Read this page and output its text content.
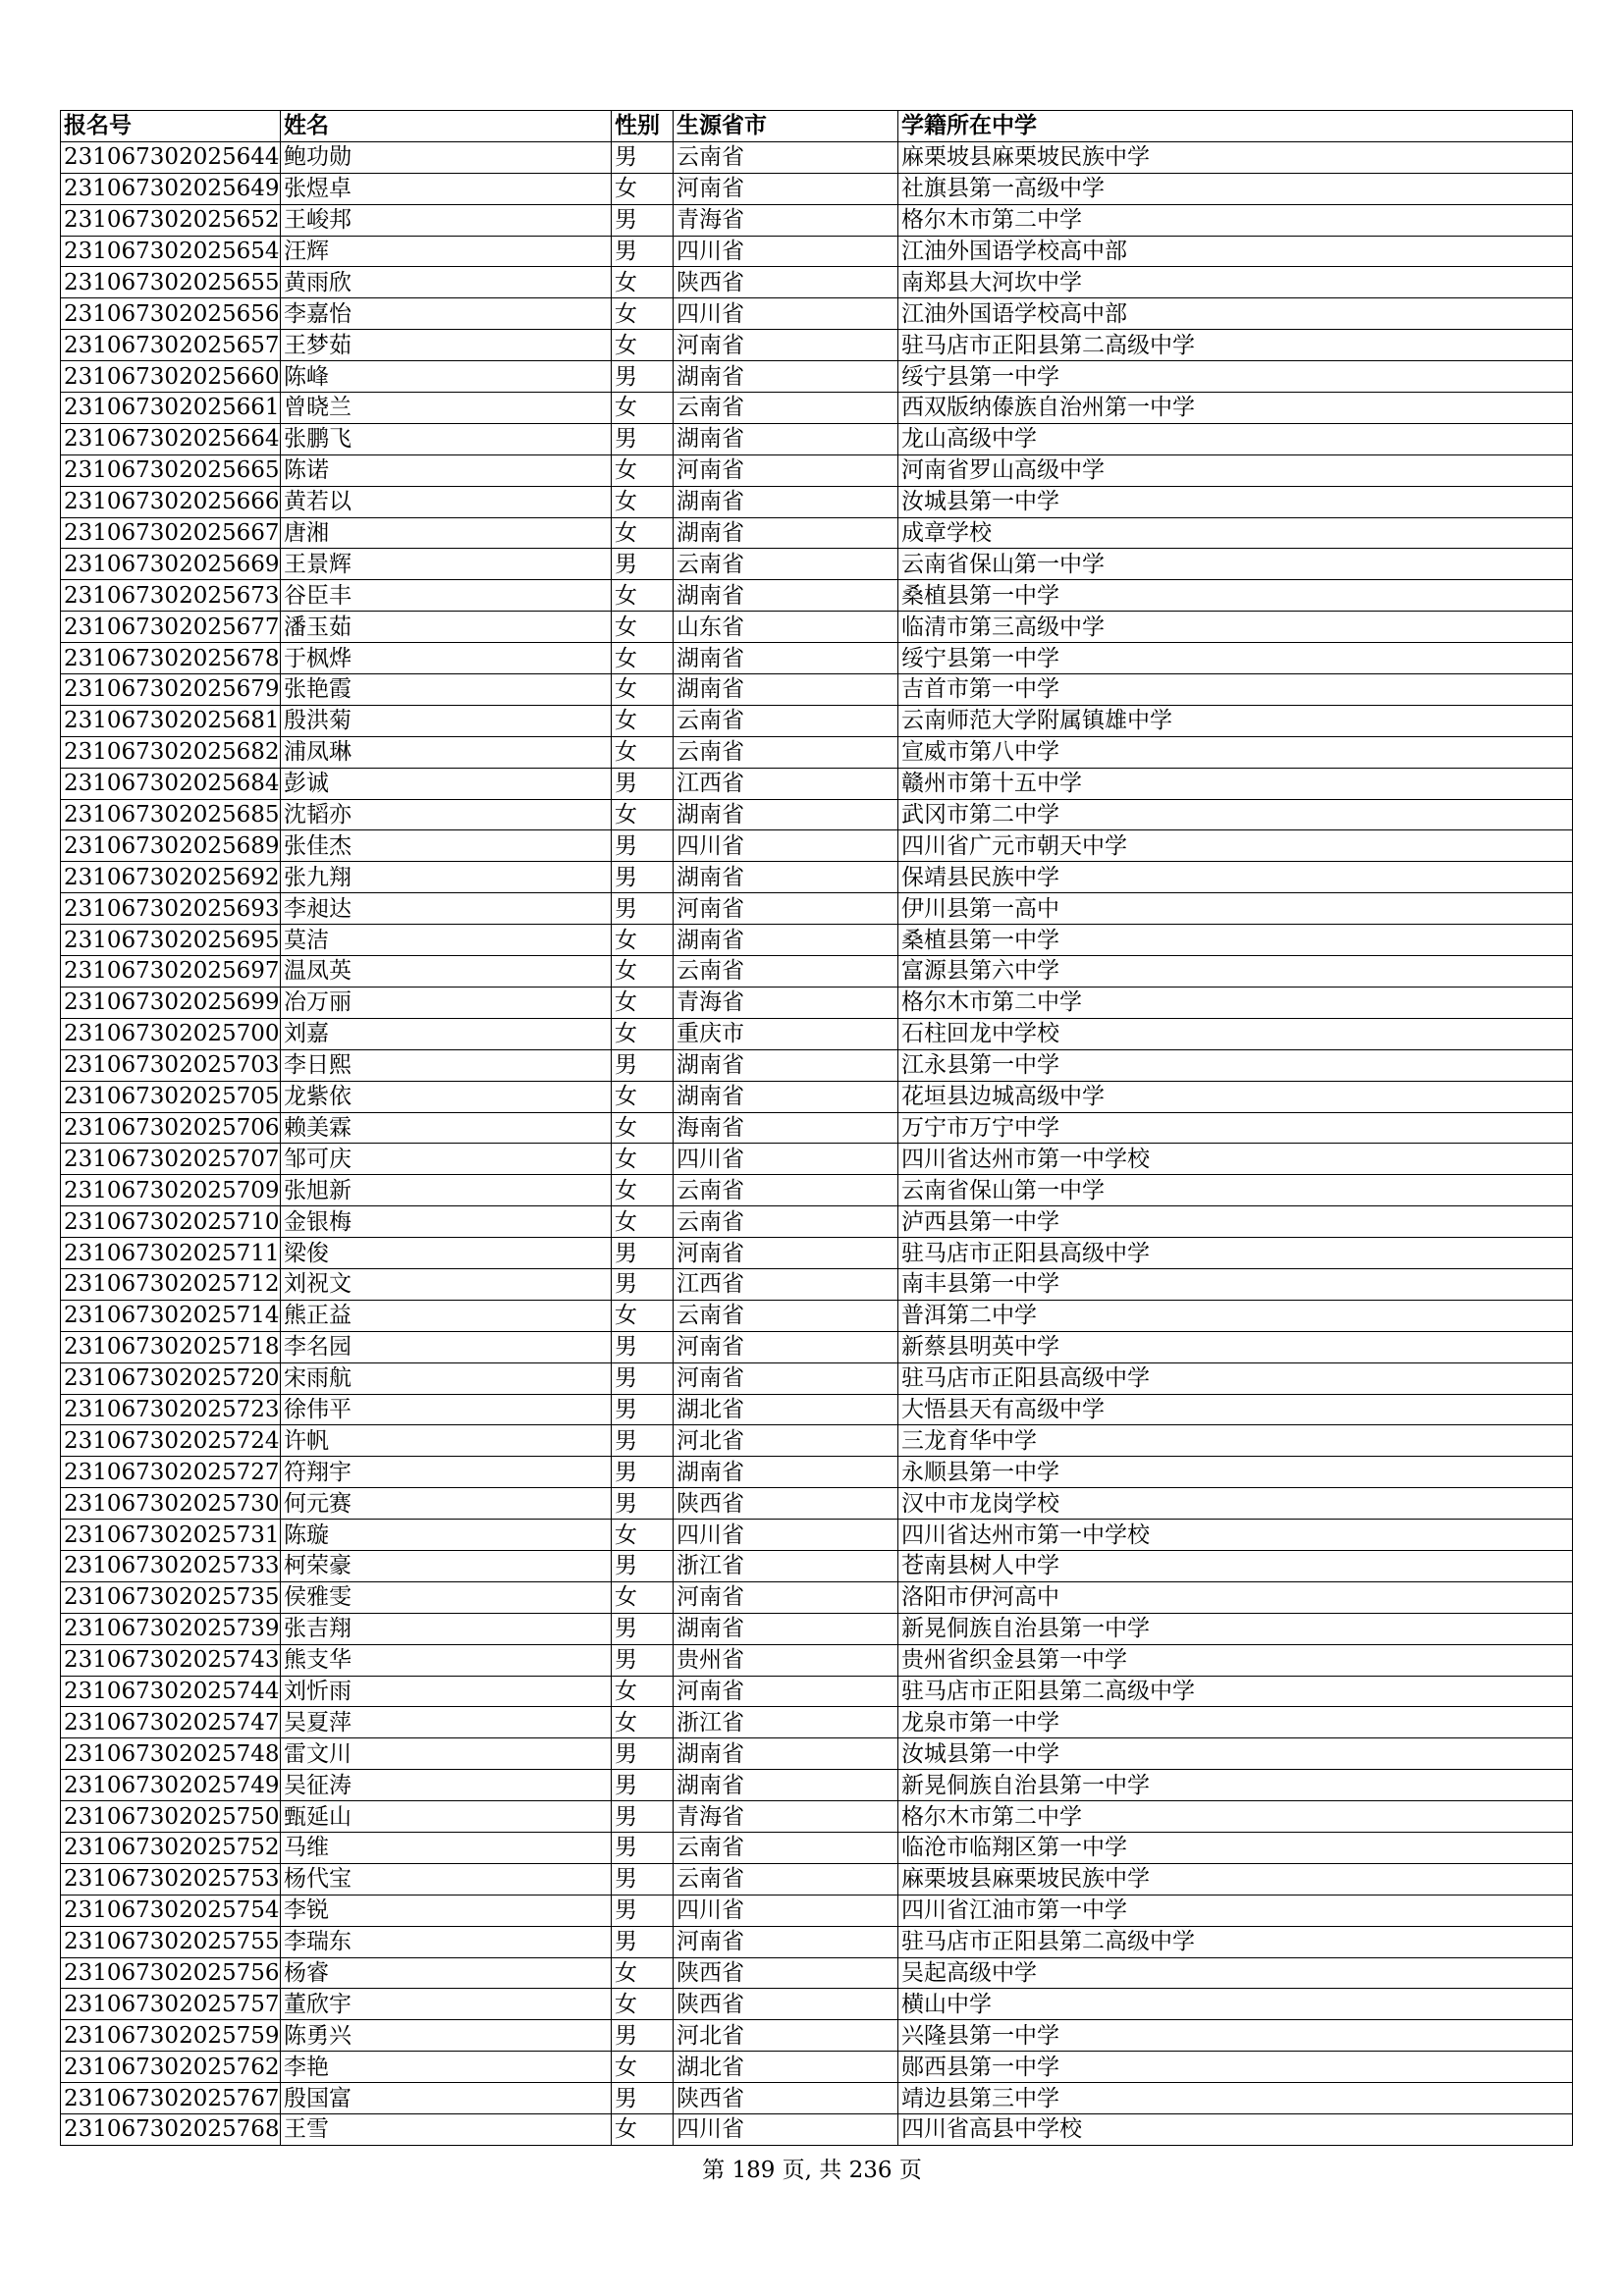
报名号	姓名	性别	生源省市	学籍所在中学
231067302025644	鲍功勋	男	云南省	麻栗坡县麻栗坡民族中学
231067302025649	张煜卓	女	河南省	社旗县第一高级中学
231067302025652	王峻邦	男	青海省	格尔木市第二中学
231067302025654	汪辉	男	四川省	江油外国语学校高中部
231067302025655	黄雨欣	女	陕西省	南郑县大河坎中学
231067302025656	李嘉怡	女	四川省	江油外国语学校高中部
231067302025657	王梦茹	女	河南省	驻马店市正阳县第二高级中学
231067302025660	陈峰	男	湖南省	绥宁县第一中学
231067302025661	曾晓兰	女	云南省	西双版纳傣族自治州第一中学
231067302025664	张鹏飞	男	湖南省	龙山高级中学
231067302025665	陈诺	女	河南省	河南省罗山高级中学
231067302025666	黄若以	女	湖南省	汝城县第一中学
231067302025667	唐湘	女	湖南省	成章学校
231067302025669	王景辉	男	云南省	云南省保山第一中学
231067302025673	谷臣丰	女	湖南省	桑植县第一中学
231067302025677	潘玉茹	女	山东省	临清市第三高级中学
231067302025678	于枫烨	女	湖南省	绥宁县第一中学
231067302025679	张艳霞	女	湖南省	吉首市第一中学
231067302025681	殷洪菊	女	云南省	云南师范大学附属镇雄中学
231067302025682	浦凤琳	女	云南省	宣威市第八中学
231067302025684	彭诚	男	江西省	赣州市第十五中学
231067302025685	沈韬亦	女	湖南省	武冈市第二中学
231067302025689	张佳杰	男	四川省	四川省广元市朝天中学
231067302025692	张九翔	男	湖南省	保靖县民族中学
231067302025693	李昶达	男	河南省	伊川县第一高中
231067302025695	莫洁	女	湖南省	桑植县第一中学
231067302025697	温凤英	女	云南省	富源县第六中学
231067302025699	冶万丽	女	青海省	格尔木市第二中学
231067302025700	刘嘉	女	重庆市	石柱回龙中学校
231067302025703	李日熙	男	湖南省	江永县第一中学
231067302025705	龙紫依	女	湖南省	花垣县边城高级中学
231067302025706	赖美霖	女	海南省	万宁市万宁中学
231067302025707	邹可庆	女	四川省	四川省达州市第一中学校
231067302025709	张旭新	女	云南省	云南省保山第一中学
231067302025710	金银梅	女	云南省	泸西县第一中学
231067302025711	梁俊	男	河南省	驻马店市正阳县高级中学
231067302025712	刘祝文	男	江西省	南丰县第一中学
231067302025714	熊正益	女	云南省	普洱第二中学
231067302025718	李名园	男	河南省	新蔡县明英中学
231067302025720	宋雨航	男	河南省	驻马店市正阳县高级中学
231067302025723	徐伟平	男	湖北省	大悟县天有高级中学
231067302025724	许帆	男	河北省	三龙育华中学
231067302025727	符翔宇	男	湖南省	永顺县第一中学
231067302025730	何元赛	男	陕西省	汉中市龙岗学校
231067302025731	陈璇	女	四川省	四川省达州市第一中学校
231067302025733	柯荣豪	男	浙江省	苍南县树人中学
231067302025735	侯雅雯	女	河南省	洛阳市伊河高中
231067302025739	张吉翔	男	湖南省	新晃侗族自治县第一中学
231067302025743	熊支华	男	贵州省	贵州省织金县第一中学
231067302025744	刘忻雨	女	河南省	驻马店市正阳县第二高级中学
231067302025747	吴夏萍	女	浙江省	龙泉市第一中学
231067302025748	雷文川	男	湖南省	汝城县第一中学
231067302025749	吴征涛	男	湖南省	新晃侗族自治县第一中学
231067302025750	甄延山	男	青海省	格尔木市第二中学
231067302025752	马维	男	云南省	临沧市临翔区第一中学
231067302025753	杨代宝	男	云南省	麻栗坡县麻栗坡民族中学
231067302025754	李锐	男	四川省	四川省江油市第一中学
231067302025755	李瑞东	男	河南省	驻马店市正阳县第二高级中学
231067302025756	杨睿	女	陕西省	吴起高级中学
231067302025757	董欣宇	女	陕西省	横山中学
231067302025759	陈勇兴	男	河北省	兴隆县第一中学
231067302025762	李艳	女	湖北省	郧西县第一中学
231067302025767	殷国富	男	陕西省	靖边县第三中学
231067302025768	王雪	女	四川省	四川省高县中学校
第 189 页, 共 236 页
